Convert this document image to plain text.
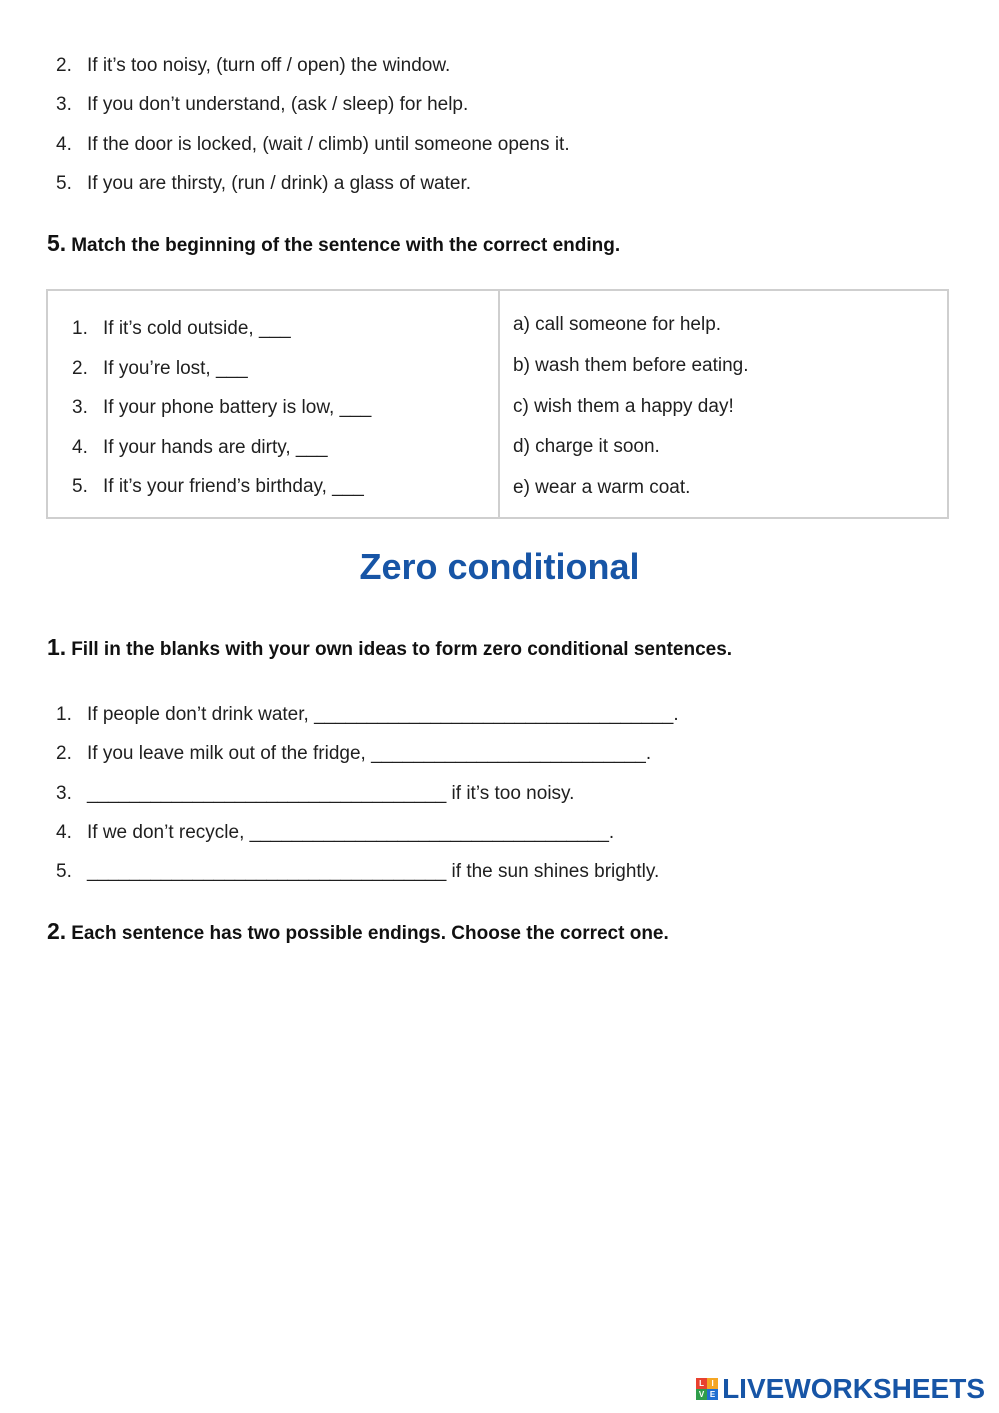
2. If it’s too noisy, (turn off / open) the window.
3. If you don’t understand, (ask / sleep) for help.
4. If the door is locked, (wait / climb) until someone opens it.
5. If you are thirsty, (run / drink) a glass of water.
5. Match the beginning of the sentence with the correct ending.
1. If it’s cold outside, ___
2. If you’re lost, ___
3. If your phone battery is low, ___
4. If your hands are dirty, ___
5. If it’s your friend’s birthday, ___
a) call someone for help.
b) wash them before eating.
c) wish them a happy day!
d) charge it soon.
e) wear a warm coat.
Zero conditional
1. Fill in the blanks with your own ideas to form zero conditional sentences.
1. If people don’t drink water, __________________________________.
2. If you leave milk out of the fridge, __________________________.
3. __________________________________ if it’s too noisy.
4. If we don’t recycle, __________________________________.
5. __________________________________ if the sun shines brightly.
2. Each sentence has two possible endings. Choose the correct one.
L I
V E LIVEWORKSHEETS
